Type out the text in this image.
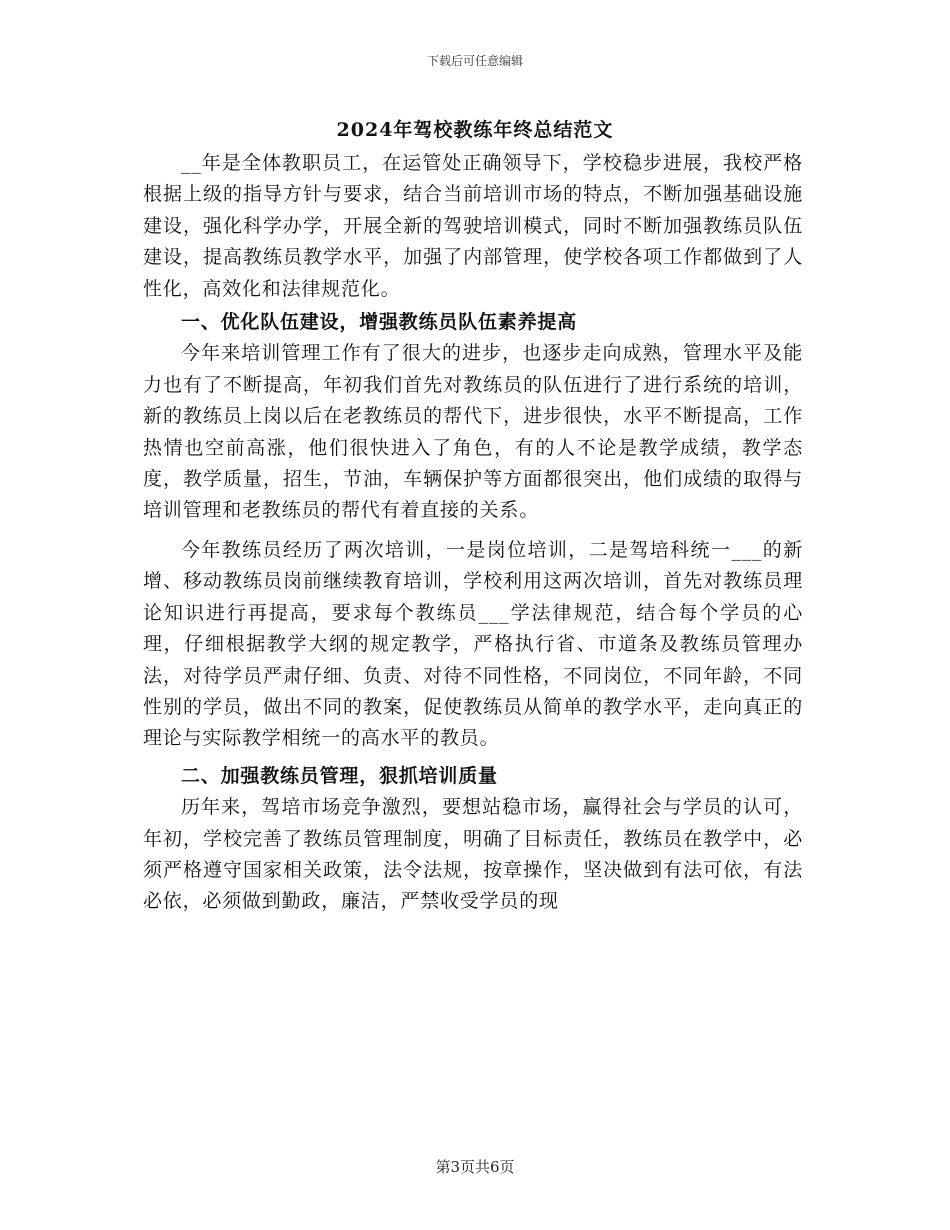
下载后可任意编辑
2024年驾校教练年终总结范文

__年是全体教职员工，在运管处正确领导下，学校稳步进展，我校严格根据上级的指导方针与要求，结合当前培训市场的特点，不断加强基础设施建设，强化科学办学，开展全新的驾驶培训模式，同时不断加强教练员队伍建设，提高教练员教学水平，加强了内部管理，使学校各项工作都做到了人性化，高效化和法律规范化。

一、优化队伍建设，增强教练员队伍素养提高

今年来培训管理工作有了很大的进步，也逐步走向成熟，管理水平及能力也有了不断提高，年初我们首先对教练员的队伍进行了进行系统的培训，新的教练员上岗以后在老教练员的帮代下，进步很快，水平不断提高，工作热情也空前高涨，他们很快进入了角色，有的人不论是教学成绩，教学态度，教学质量，招生，节油，车辆保护等方面都很突出，他们成绩的取得与培训管理和老教练员的帮代有着直接的关系。

今年教练员经历了两次培训，一是岗位培训，二是驾培科统一___的新增、移动教练员岗前继续教育培训，学校利用这两次培训，首先对教练员理论知识进行再提高，要求每个教练员___学法律规范，结合每个学员的心理，仔细根据教学大纲的规定教学，严格执行省、市道条及教练员管理办法，对待学员严肃仔细、负责、对待不同性格，不同岗位，不同年龄，不同性别的学员，做出不同的教案，促使教练员从简单的教学水平，走向真正的理论与实际教学相统一的高水平的教员。

二、加强教练员管理，狠抓培训质量

历年来，驾培市场竞争激烈，要想站稳市场，赢得社会与学员的认可，年初，学校完善了教练员管理制度，明确了目标责任，教练员在教学中，必须严格遵守国家相关政策，法令法规，按章操作，坚决做到有法可依，有法必依，必须做到勤政，廉洁，严禁收受学员的现

第3页共6页
